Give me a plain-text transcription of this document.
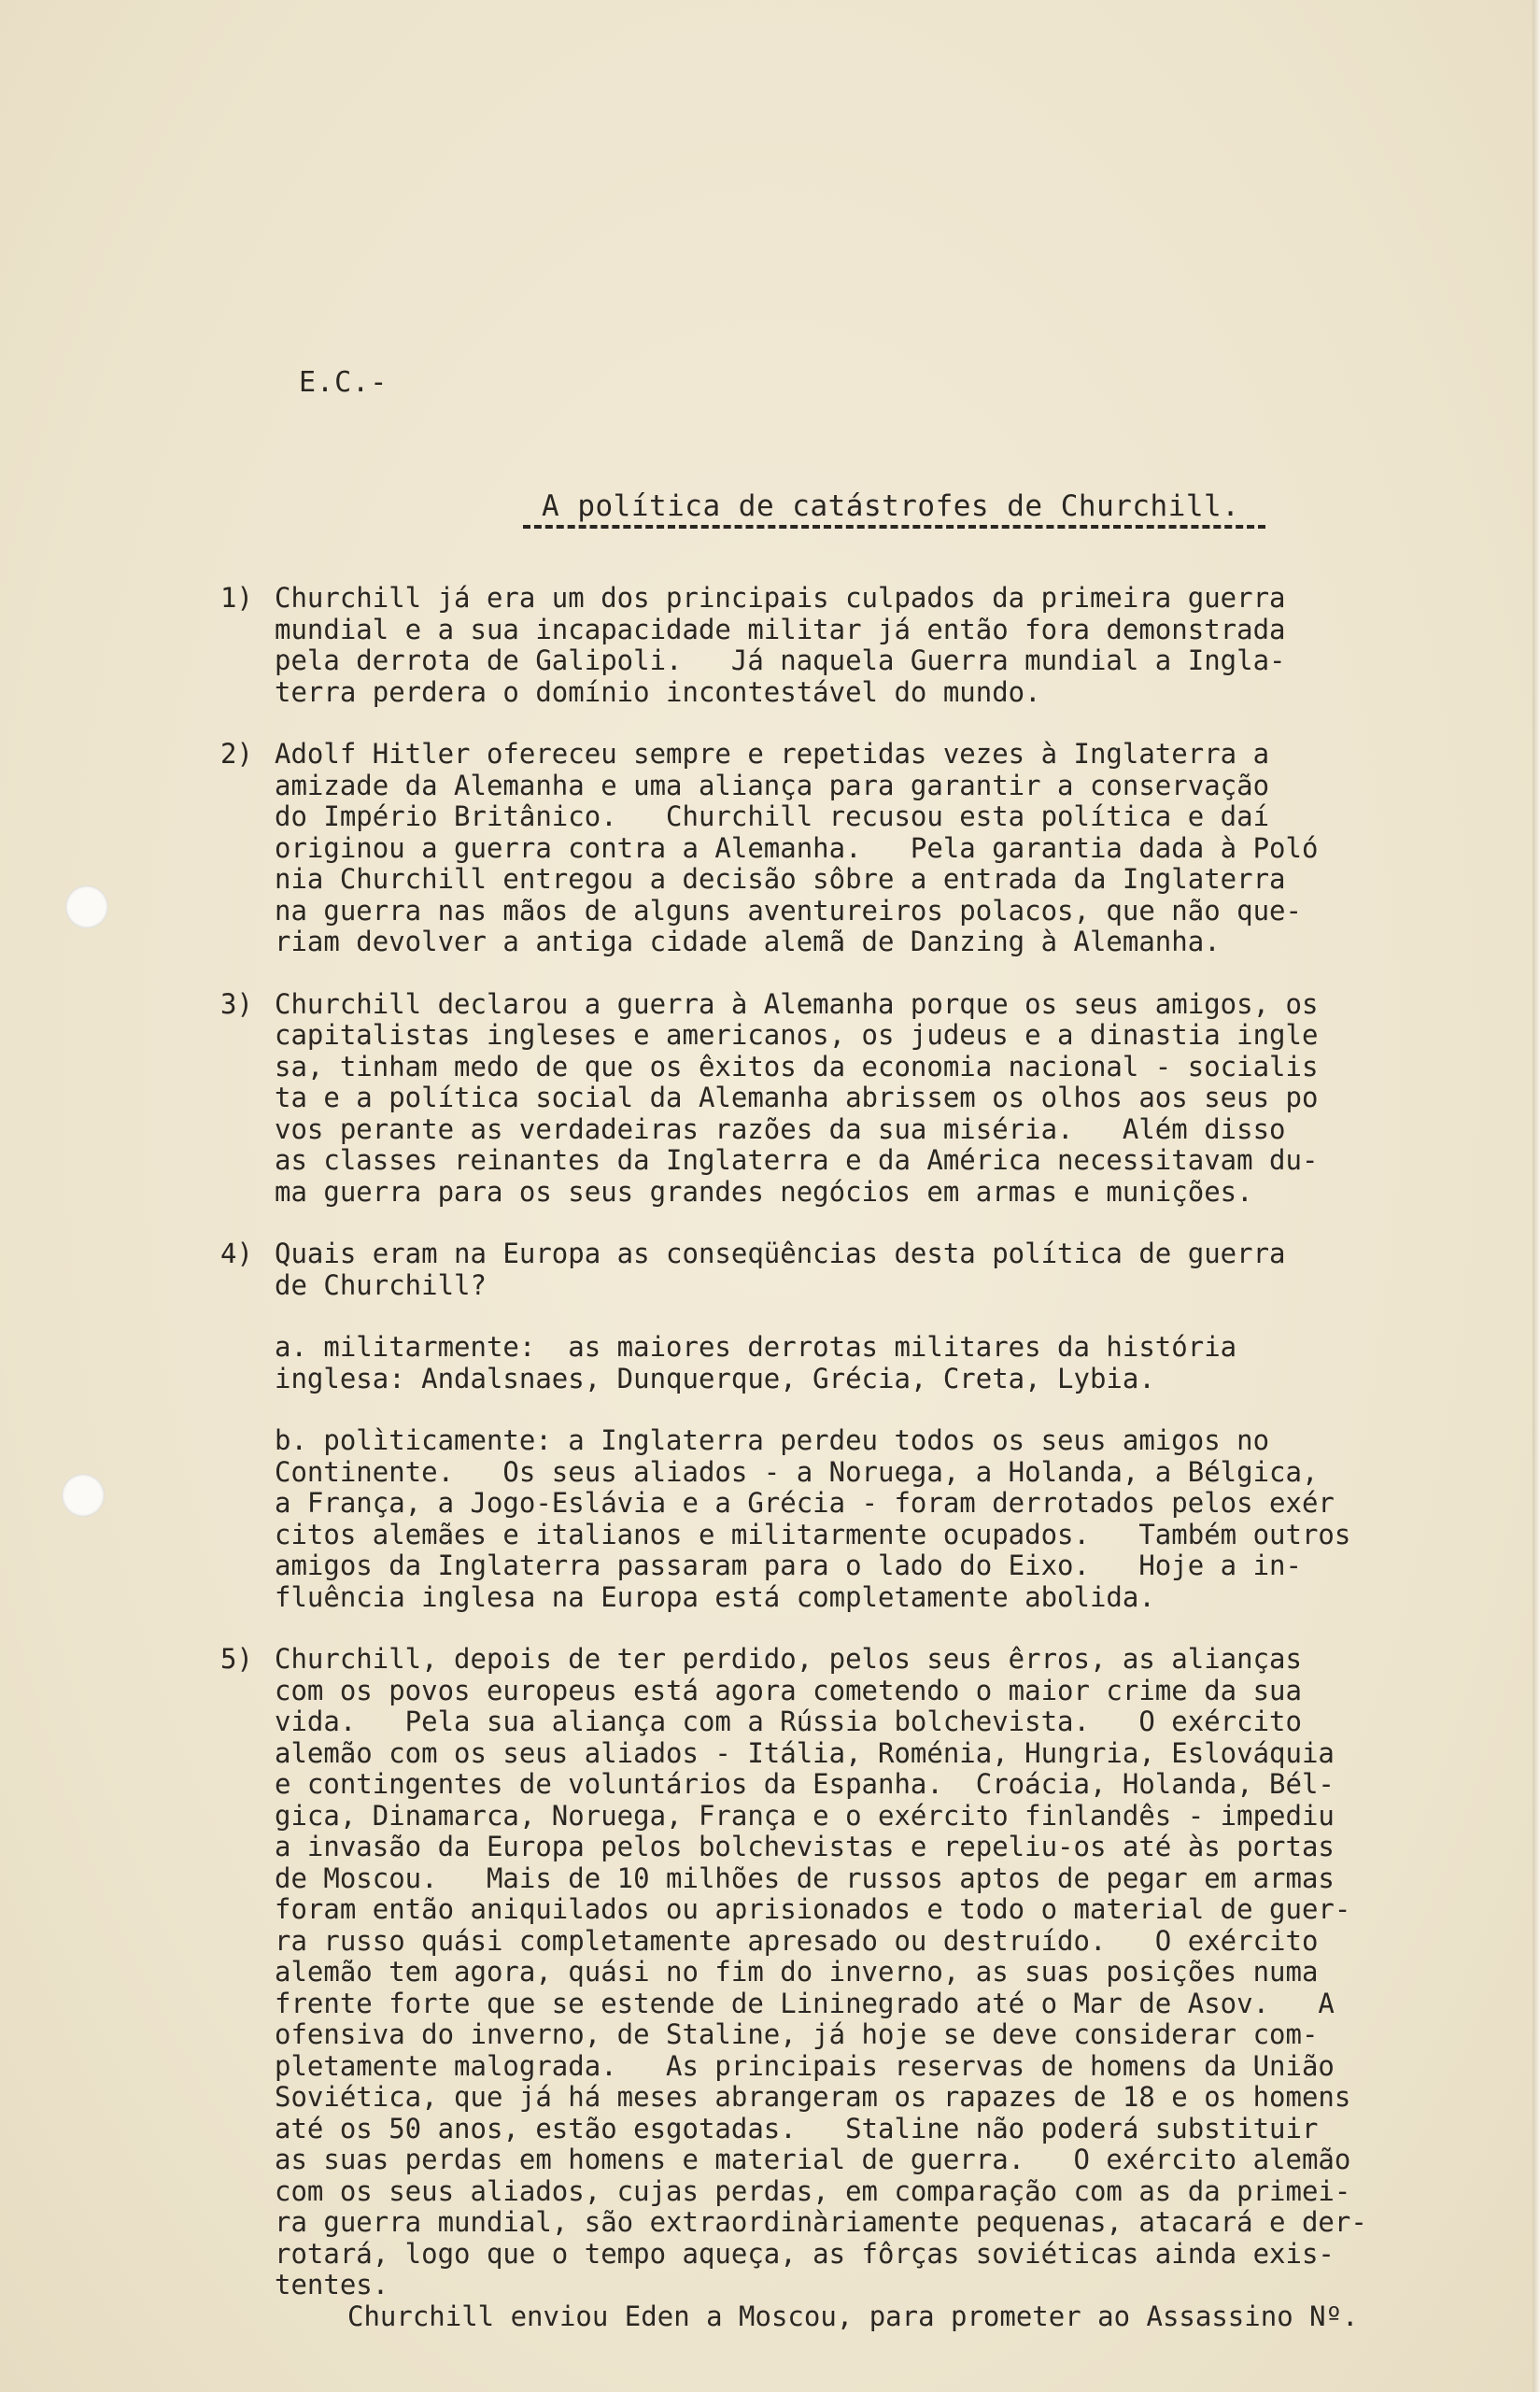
E.C.-
A política de catástrofes de Churchill.
1) Churchill já era um dos principais culpados da primeira guerra
mundial e a sua incapacidade militar já então fora demonstrada
pela derrota de Galipoli.   Já naquela Guerra mundial a Ingla-
terra perdera o domínio incontestável do mundo.

2) Adolf Hitler ofereceu sempre e repetidas vezes à Inglaterra a
amizade da Alemanha e uma aliança para garantir a conservação
do Império Britânico.   Churchill recusou esta política e daí
originou a guerra contra a Alemanha.   Pela garantia dada à Poló
nia Churchill entregou a decisão sôbre a entrada da Inglaterra
na guerra nas mãos de alguns aventureiros polacos, que não que-
riam devolver a antiga cidade alemã de Danzing à Alemanha.

3) Churchill declarou a guerra à Alemanha porque os seus amigos, os
capitalistas ingleses e americanos, os judeus e a dinastia ingle
sa, tinham medo de que os êxitos da economia nacional - socialis
ta e a política social da Alemanha abrissem os olhos aos seus po
vos perante as verdadeiras razões da sua miséria.   Além disso
as classes reinantes da Inglaterra e da América necessitavam du-
ma guerra para os seus grandes negócios em armas e munições.

4) Quais eram na Europa as conseqüências desta política de guerra
de Churchill?

a. militarmente:  as maiores derrotas militares da história
inglesa: Andalsnaes, Dunquerque, Grécia, Creta, Lybia.

b. polìticamente: a Inglaterra perdeu todos os seus amigos no
Continente.   Os seus aliados - a Noruega, a Holanda, a Bélgica,
a França, a Jogo-Eslávia e a Grécia - foram derrotados pelos exér
citos alemães e italianos e militarmente ocupados.   Também outros
amigos da Inglaterra passaram para o lado do Eixo.   Hoje a in-
fluência inglesa na Europa está completamente abolida.

5) Churchill, depois de ter perdido, pelos seus êrros, as alianças
com os povos europeus está agora cometendo o maior crime da sua
vida.   Pela sua aliança com a Rússia bolchevista.   O exército
alemão com os seus aliados - Itália, Roménia, Hungria, Eslováquia
e contingentes de voluntários da Espanha.  Croácia, Holanda, Bél-
gica, Dinamarca, Noruega, França e o exército finlandês - impediu
a invasão da Europa pelos bolchevistas e repeliu-os até às portas
de Moscou.   Mais de 10 milhões de russos aptos de pegar em armas
foram então aniquilados ou aprisionados e todo o material de guer-
ra russo quási completamente apresado ou destruído.   O exército
alemão tem agora, quási no fim do inverno, as suas posições numa
frente forte que se estende de Lininegrado até o Mar de Asov.   A
ofensiva do inverno, de Staline, já hoje se deve considerar com-
pletamente malograda.   As principais reservas de homens da União
Soviética, que já há meses abrangeram os rapazes de 18 e os homens
até os 50 anos, estão esgotadas.   Staline não poderá substituir
as suas perdas em homens e material de guerra.   O exército alemão
com os seus aliados, cujas perdas, em comparação com as da primei-
ra guerra mundial, são extraordinàriamente pequenas, atacará e der-
rotará, logo que o tempo aqueça, as fôrças soviéticas ainda exis-
tentes.

Churchill enviou Eden a Moscou, para prometer ao Assassino Nº.
